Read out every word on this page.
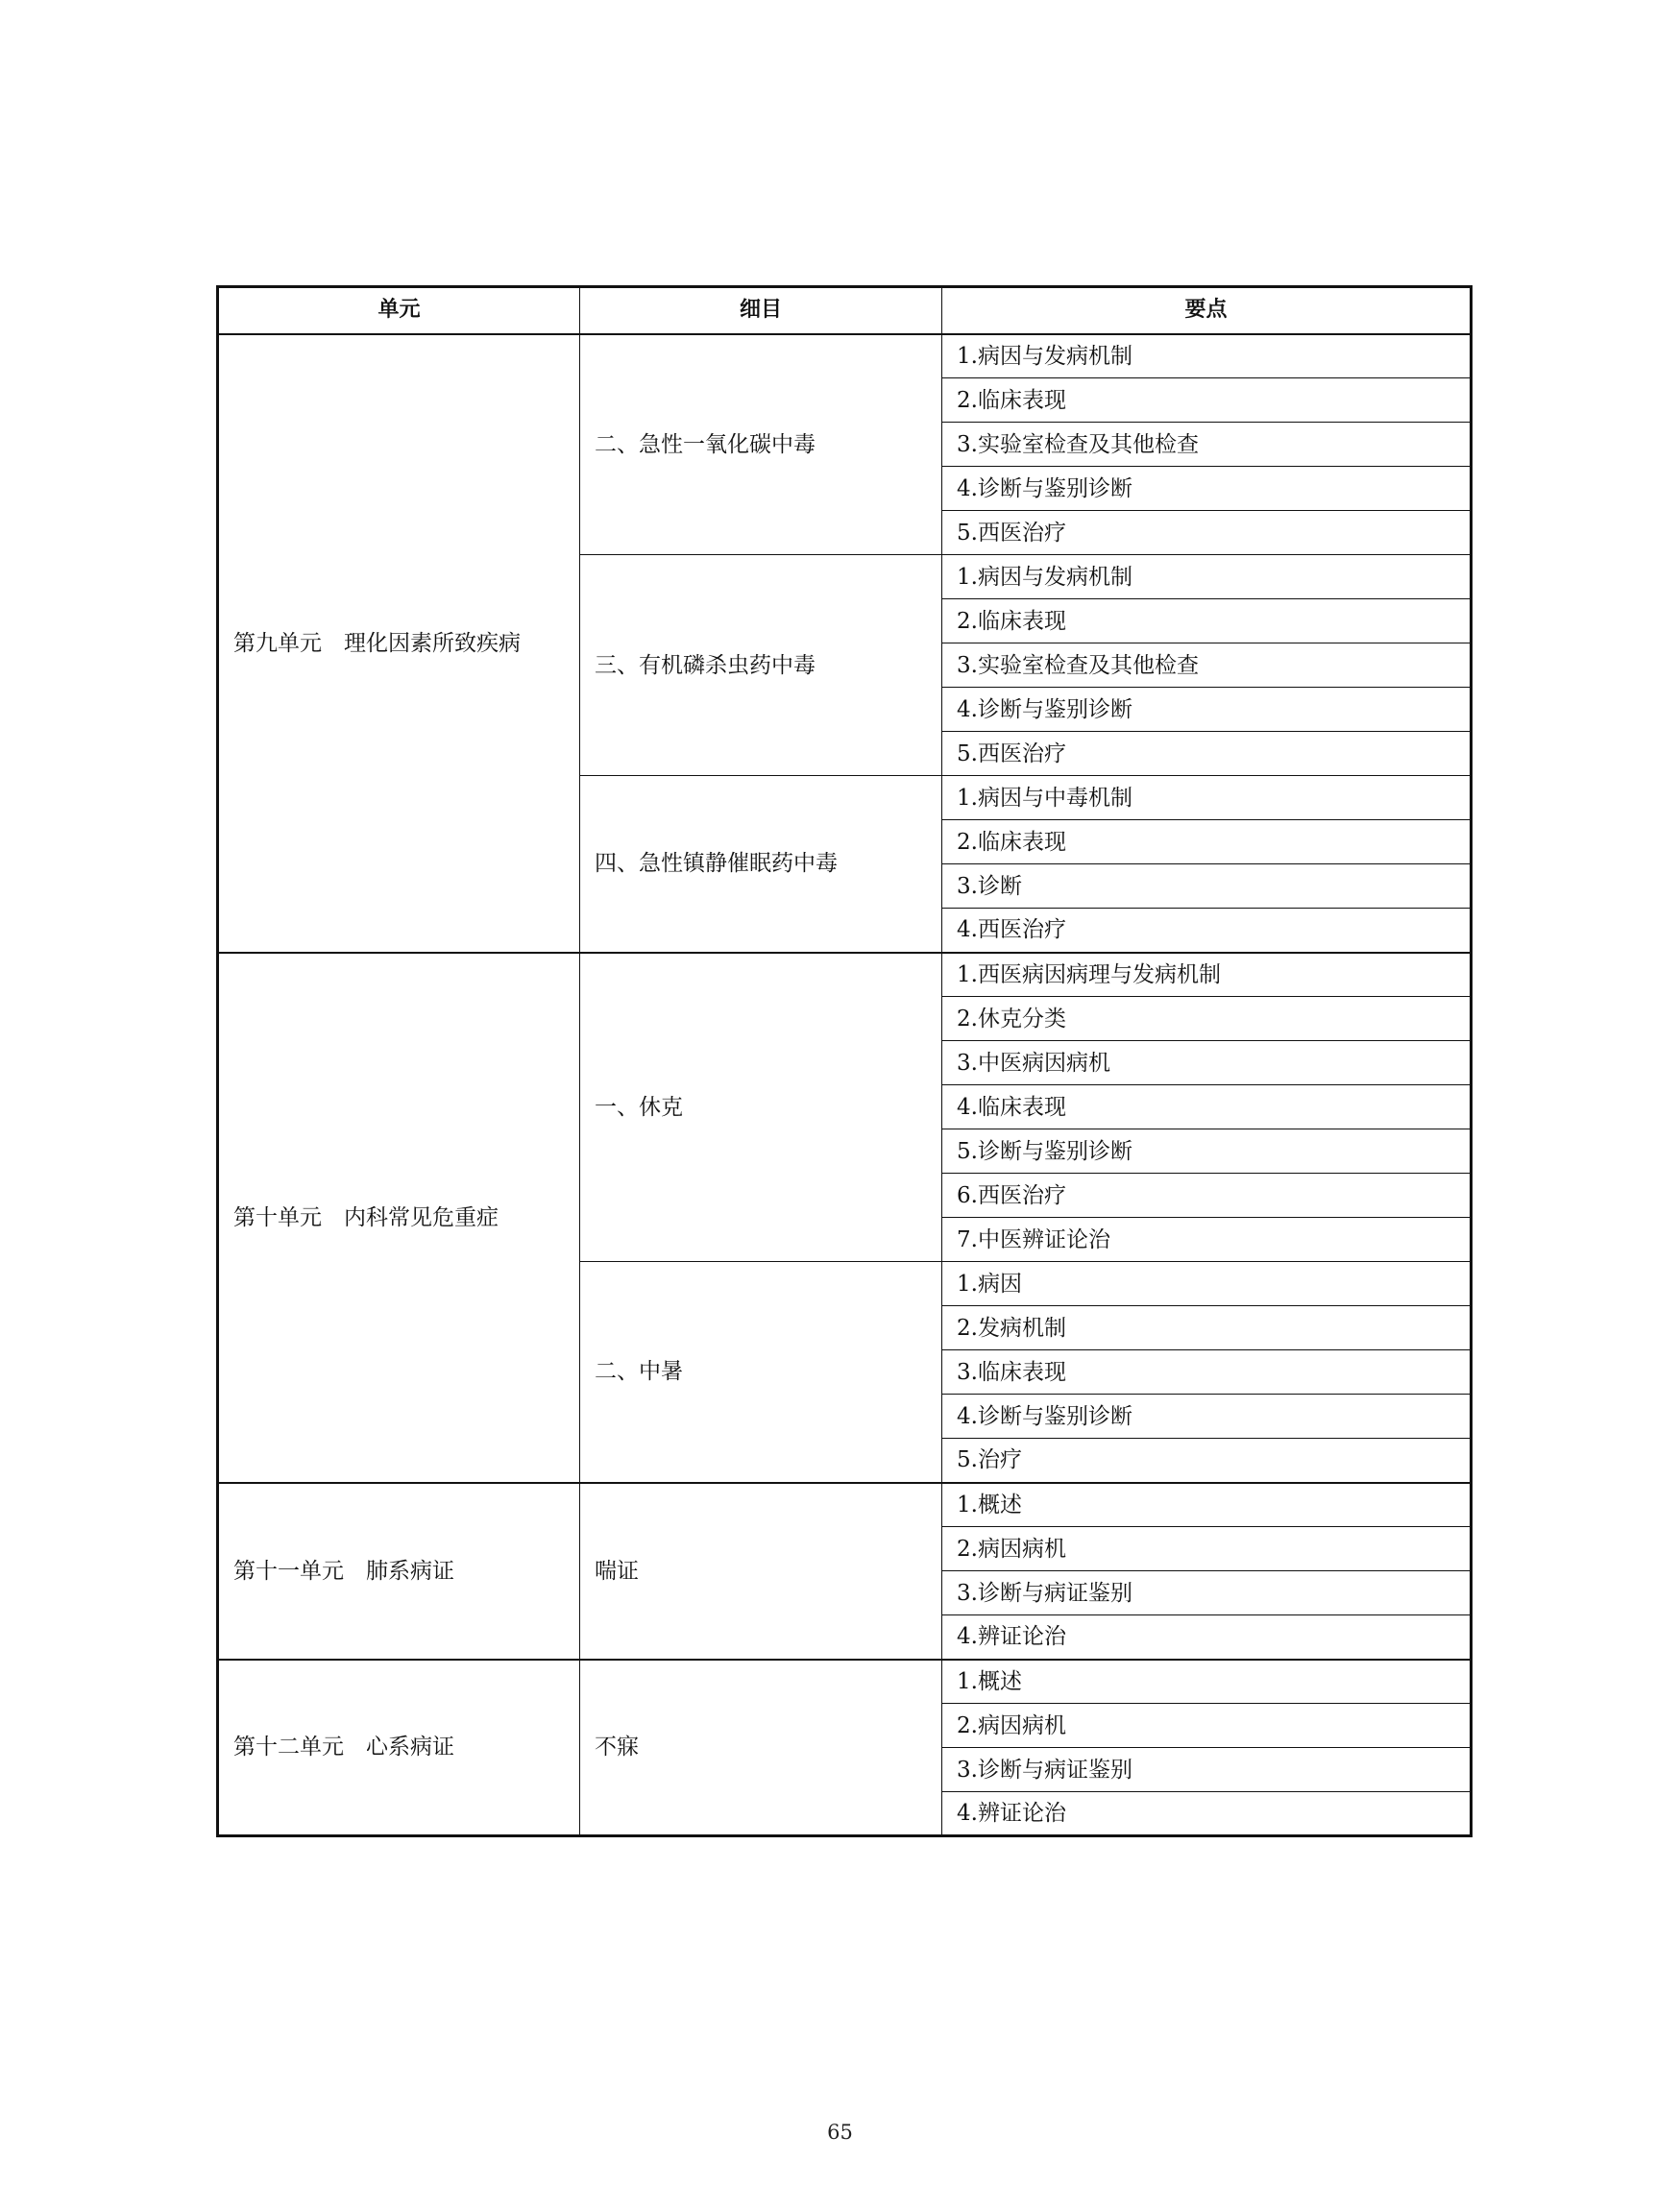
单元	细目	要点
第九单元　理化因素所致疾病	二、急性一氧化碳中毒	1.病因与发病机制
		2.临床表现
		3.实验室检查及其他检查
		4.诊断与鉴别诊断
		5.西医治疗
	三、有机磷杀虫药中毒	1.病因与发病机制
		2.临床表现
		3.实验室检查及其他检查
		4.诊断与鉴别诊断
		5.西医治疗
	四、急性镇静催眠药中毒	1.病因与中毒机制
		2.临床表现
		3.诊断
		4.西医治疗
第十单元　内科常见危重症	一、休克	1.西医病因病理与发病机制
		2.休克分类
		3.中医病因病机
		4.临床表现
		5.诊断与鉴别诊断
		6.西医治疗
		7.中医辨证论治
	二、中暑	1.病因
		2.发病机制
		3.临床表现
		4.诊断与鉴别诊断
		5.治疗
第十一单元　肺系病证	喘证	1.概述
		2.病因病机
		3.诊断与病证鉴别
		4.辨证论治
第十二单元　心系病证	不寐	1.概述
		2.病因病机
		3.诊断与病证鉴别
		4.辨证论治
65
